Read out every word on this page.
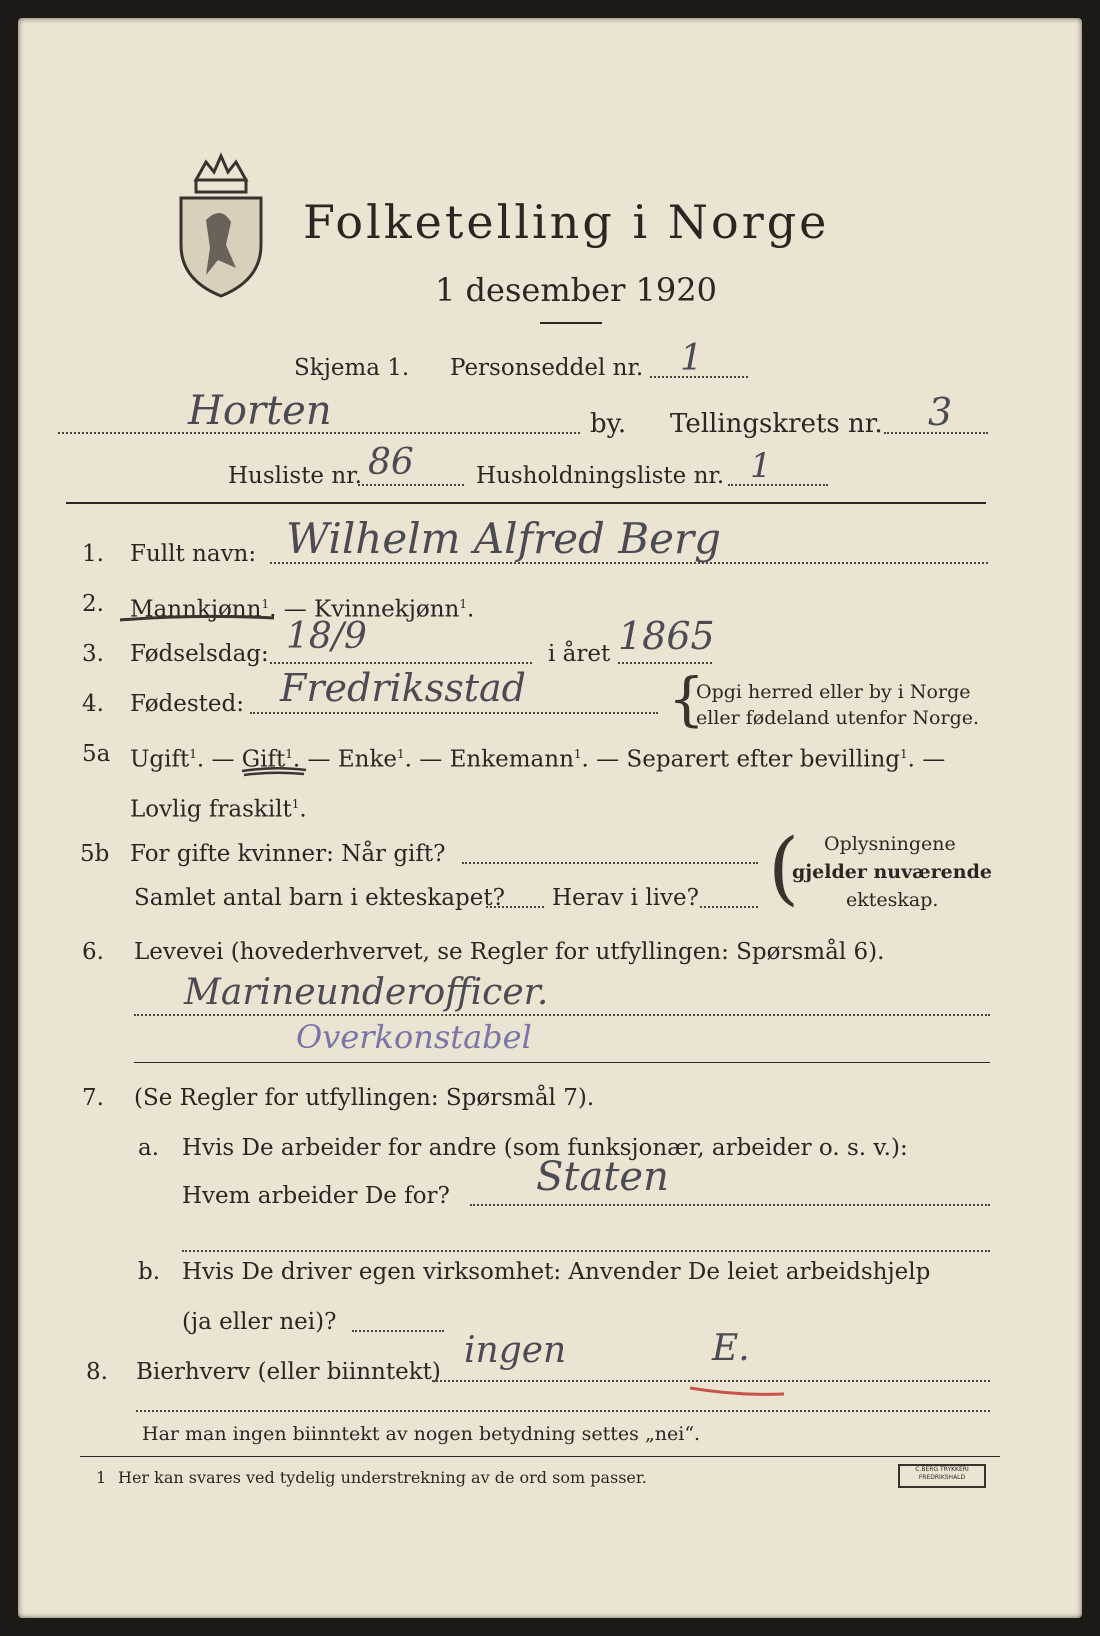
Folketelling i Norge
1 desember 1920
Skjema 1. Personseddel nr. 1
Horten	by. Tellingskrets nr. 3
Husliste nr. 86	Husholdningsliste nr. 1
1. Fullt navn: Wilhelm Alfred Berg
2. Mannkjønn$^1$. — Kvinnekjønn$^1$.
3. Fødselsdag: 18/9	i året 1865
4. Fødested: Fredriksstad {
Opgi herred eller by i Norge
eller fødeland utenfor Norge.
5a Ugift$^1$. — Gift$^1$. — Enke$^1$. — Enkemann$^1$. — Separert efter bevilling$^1$. —
Lovlig fraskilt$^1$.
5b For gifte kvinner: Når gift?
Samlet antal barn i ekteskapet? Herav i live? ( Oplysningene
gjelder nuværende
ekteskap.
6. Levevei (hovederhvervet, se Regler for utfyllingen: Spørsmål 6).
Marineunderofficer.
Overkonstabel
7. (Se Regler for utfyllingen: Spørsmål 7).
a. Hvis De arbeider for andre (som funksjonær, arbeider o. s. v.):
Hvem arbeider De for? Staten
b. Hvis De driver egen virksomhet: Anvender De leiet arbeidshjelp
(ja eller nei)?
8. Bierhverv (eller biinntekt)
ingen	E.
Har man ingen biinntekt av nogen betydning settes „nei“.
1 Her kan svares ved tydelig understrekning av de ord som passer.	C.BERG TRYKKERI FREDRIKSHALD
